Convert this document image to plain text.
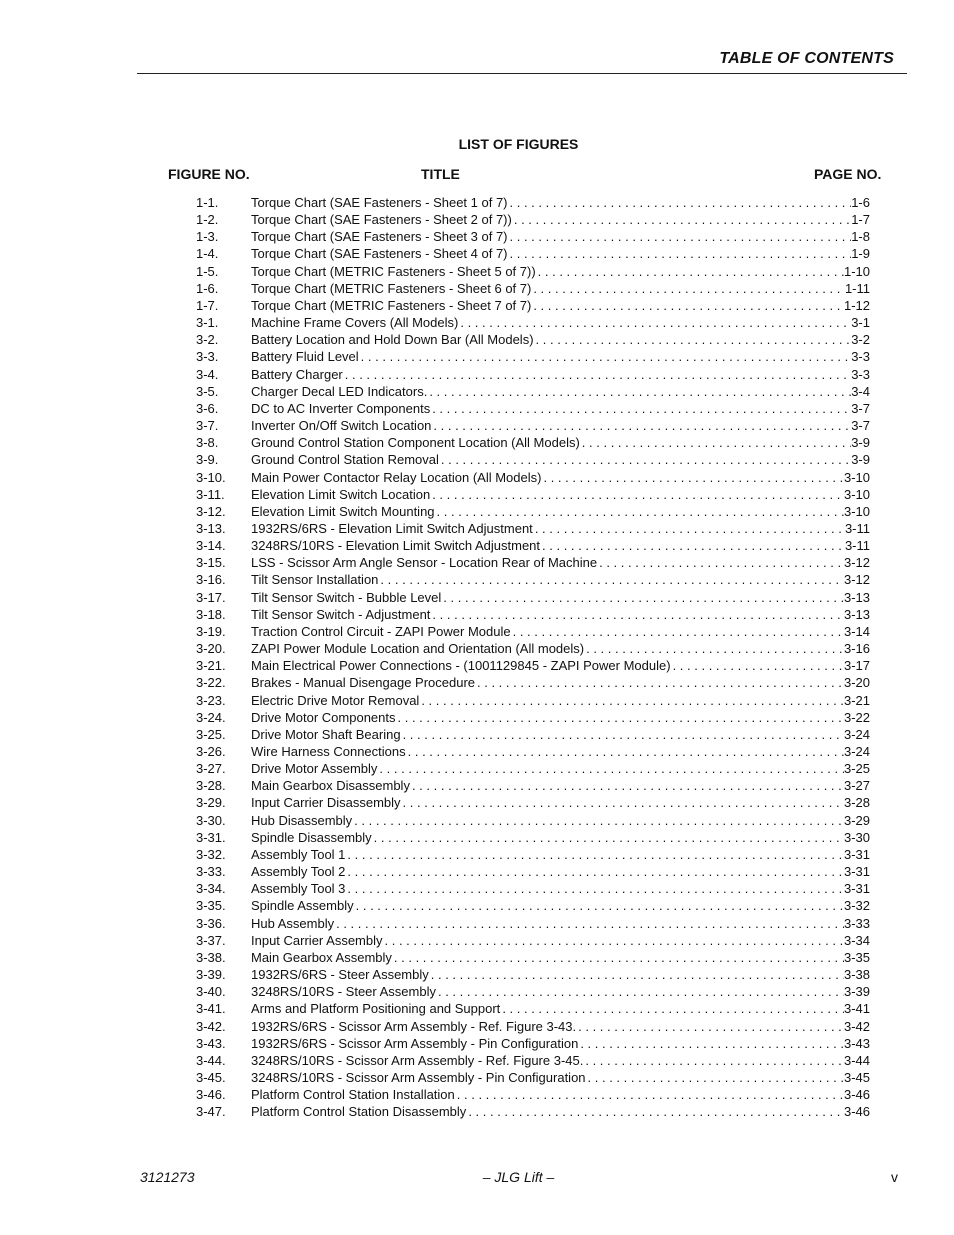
TABLE OF CONTENTS
LIST OF FIGURES
FIGURE NO.	TITLE	PAGE NO.
1-1.	Torque Chart (SAE Fasteners - Sheet 1 of 7) . . .	1-6
1-2.	Torque Chart (SAE Fasteners - Sheet 2 of 7)) . . .	1-7
1-3.	Torque Chart (SAE Fasteners - Sheet 3 of 7) . . .	1-8
1-4.	Torque Chart (SAE Fasteners - Sheet 4 of 7) . . .	1-9
1-5.	Torque Chart (METRIC Fasteners - Sheet 5 of 7)) . . .	1-10
1-6.	Torque Chart (METRIC Fasteners - Sheet 6 of 7) . . .	1-11
1-7.	Torque Chart (METRIC Fasteners - Sheet 7 of 7) . . .	1-12
3-1.	Machine Frame Covers (All Models) . . .	3-1
3-2.	Battery Location and Hold Down Bar (All Models) . . .	3-2
3-3.	Battery Fluid Level . . .	3-3
3-4.	Battery Charger . . .	3-3
3-5.	Charger Decal LED Indicators. . . .	3-4
3-6.	DC to AC Inverter Components . . .	3-7
3-7.	Inverter On/Off Switch Location . . .	3-7
3-8.	Ground Control Station Component Location (All Models) . . .	3-9
3-9.	Ground Control Station Removal . . .	3-9
3-10.	Main Power Contactor Relay Location (All Models) . . .	3-10
3-11.	Elevation Limit Switch Location . . .	3-10
3-12.	Elevation Limit Switch Mounting . . .	3-10
3-13.	1932RS/6RS - Elevation Limit Switch Adjustment . . .	3-11
3-14.	3248RS/10RS - Elevation Limit Switch Adjustment . . .	3-11
3-15.	LSS - Scissor Arm Angle Sensor - Location Rear of Machine . . .	3-12
3-16.	Tilt Sensor Installation . . .	3-12
3-17.	Tilt Sensor Switch - Bubble Level . . .	3-13
3-18.	Tilt Sensor Switch - Adjustment . . .	3-13
3-19.	Traction Control Circuit - ZAPI Power Module . . .	3-14
3-20.	ZAPI Power Module Location and Orientation (All models) . . .	3-16
3-21.	Main Electrical Power Connections - (1001129845 - ZAPI Power Module) . . .	3-17
3-22.	Brakes - Manual Disengage Procedure . . .	3-20
3-23.	Electric Drive Motor Removal . . .	3-21
3-24.	Drive Motor Components . . .	3-22
3-25.	Drive Motor Shaft Bearing . . .	3-24
3-26.	Wire Harness Connections . . .	3-24
3-27.	Drive Motor Assembly . . .	3-25
3-28.	Main Gearbox Disassembly . . .	3-27
3-29.	Input Carrier Disassembly . . .	3-28
3-30.	Hub Disassembly . . .	3-29
3-31.	Spindle Disassembly . . .	3-30
3-32.	Assembly Tool 1 . . .	3-31
3-33.	Assembly Tool 2 . . .	3-31
3-34.	Assembly Tool 3 . . .	3-31
3-35.	Spindle Assembly . . .	3-32
3-36.	Hub Assembly . . .	3-33
3-37.	Input Carrier Assembly . . .	3-34
3-38.	Main Gearbox Assembly . . .	3-35
3-39.	1932RS/6RS - Steer Assembly . . .	3-38
3-40.	3248RS/10RS - Steer Assembly . . .	3-39
3-41.	Arms and Platform Positioning and Support . . .	3-41
3-42.	1932RS/6RS - Scissor Arm Assembly - Ref. Figure 3-43. . . .	3-42
3-43.	1932RS/6RS - Scissor Arm Assembly - Pin Configuration . . .	3-43
3-44.	3248RS/10RS - Scissor Arm Assembly - Ref. Figure 3-45. . . .	3-44
3-45.	3248RS/10RS - Scissor Arm Assembly - Pin Configuration . . .	3-45
3-46.	Platform Control Station Installation . . .	3-46
3-47.	Platform Control Station Disassembly . . .	3-46
3121273	– JLG Lift –	v
